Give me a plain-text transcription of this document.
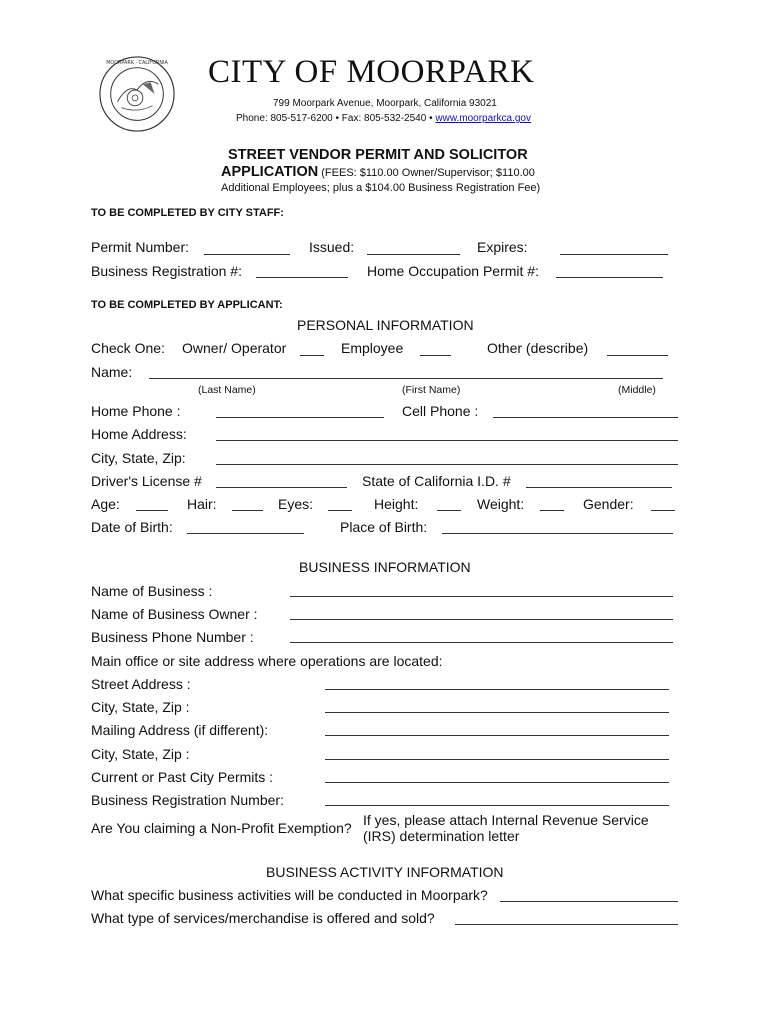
MOORPARK · CALIFORNIA CITY OF MOORPARK
799 Moorpark Avenue, Moorpark, California 93021
Phone: 805-517-6200 • Fax: 805-532-2540 • www.moorparkca.gov
STREET VENDOR PERMIT AND SOLICITOR
APPLICATION (FEES: $110.00 Owner/Supervisor; $110.00
Additional Employees; plus a $104.00 Business Registration Fee)
TO BE COMPLETED BY CITY STAFF:
Permit Number:	Issued:	Expires:
Business Registration #:	Home Occupation Permit #:
TO BE COMPLETED BY APPLICANT:
PERSONAL INFORMATION
Check One: Owner/ Operator	Employee	Other (describe)
Name:
(Last Name)	(First Name)	(Middle)
Home Phone :	Cell Phone :
Home Address:
City, State, Zip:
Driver's License #	State of California I.D. #
Age:	Hair:	Eyes:	Height:	Weight:	Gender:
Date of Birth:	Place of Birth:
BUSINESS INFORMATION
Name of Business :
Name of Business Owner :
Business Phone Number :
Main office or site address where operations are located:
Street Address :
City, State, Zip :
Mailing Address (if different):
City, State, Zip :
Current or Past City Permits :
Business Registration Number:
Are You claiming a Non-Profit Exemption? If yes, please attach Internal Revenue Service
(IRS) determination letter
BUSINESS ACTIVITY INFORMATION
What specific business activities will be conducted in Moorpark?
What type of services/merchandise is offered and sold?
